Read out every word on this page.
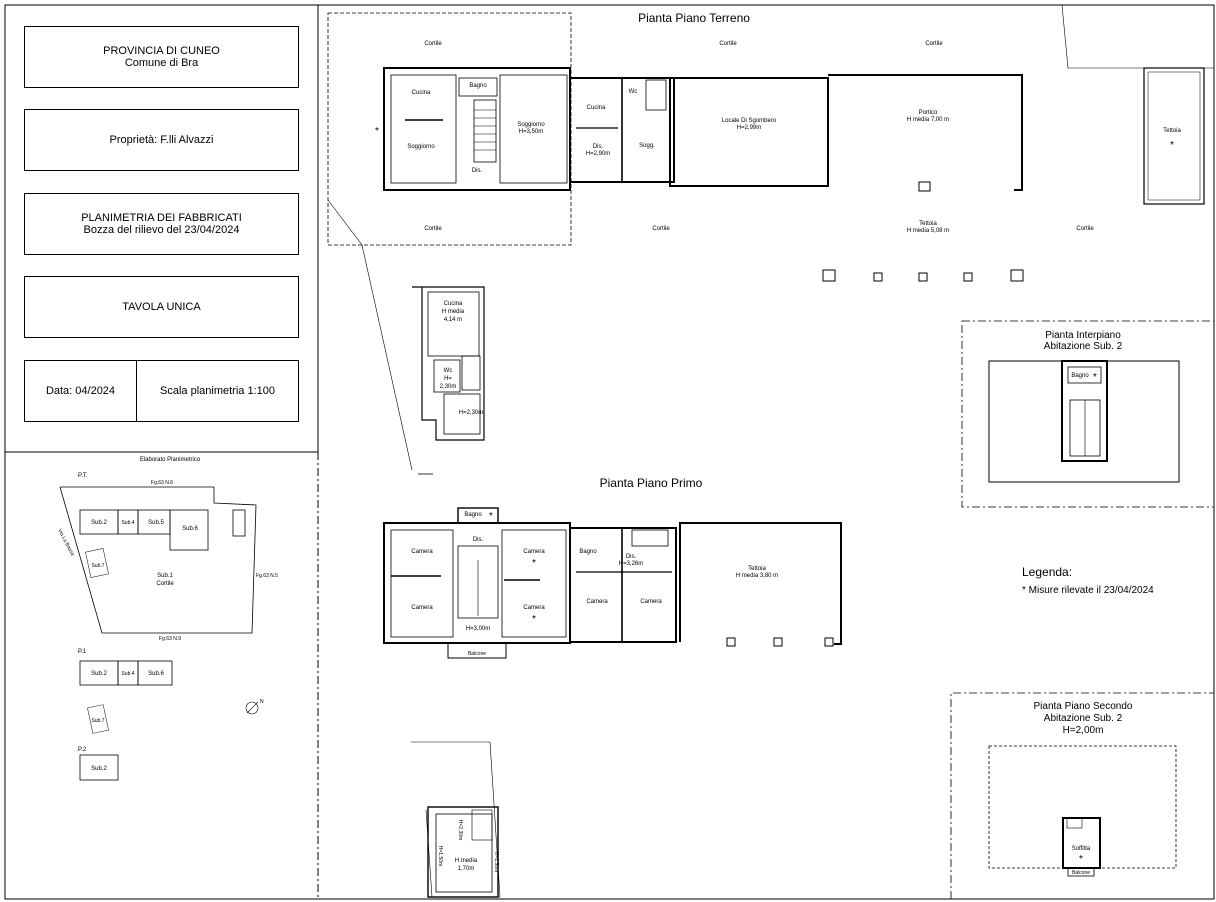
PROVINCIA DI CUNEO
Comune di Bra
Proprietà: F.lli Alvazzi
PLANIMETRIA DEI FABBRICATI
Bozza del rilievo del 23/04/2024
TAVOLA UNICA
Data: 04/2024	Scala planimetria 1:100
Elaborato Planimetrico
P.T.
Fg.63 N.6
Fg.63 N.5
Fg.63 N.9
Via La Bassa
Sub.2	Sub.4 Sub.5
Sub.6
Sub.7
Sub.1
Cortile
P.1
Sub.2	Sub.4 Sub.6
Sub.7
N
P.2
Sub.2
Pianta Piano Terreno
Cortile	Cortile	Cortile
Cortile	Cortile	Cortile
Cucina
Bagno
Soggiorno
Soggiorno
H=3,50m
Dis.
*
Cucina
Wc
Dis.
H=2,90m
Sogg.
Locale Di Sgombero
H=2,99m
Portico
H media 7,00 m
Tettoia
*
Tettoia
H media 5,08 m
Cucina
H media
4,14 m
Wc
H=
2,30m
H=2,30m
Pianta Interpiano
Abitazione Sub. 2
Bagno *
Pianta Piano Primo
Bagno *
Dis.
Camera
Camera
Camera
*
Camera
*
H=3,00m
Balcone
Bagno
Dis.
H=3,26m
Camera	Camera
Tettoia
H media 3,80 m
H media
1,70m
H=1,50m
H=2,30m
H=1,50m
Legenda:
* Misure rilevate il 23/04/2024
Pianta Piano Secondo
Abitazione Sub. 2
H=2,00m
Soffitta
*
Balcone
